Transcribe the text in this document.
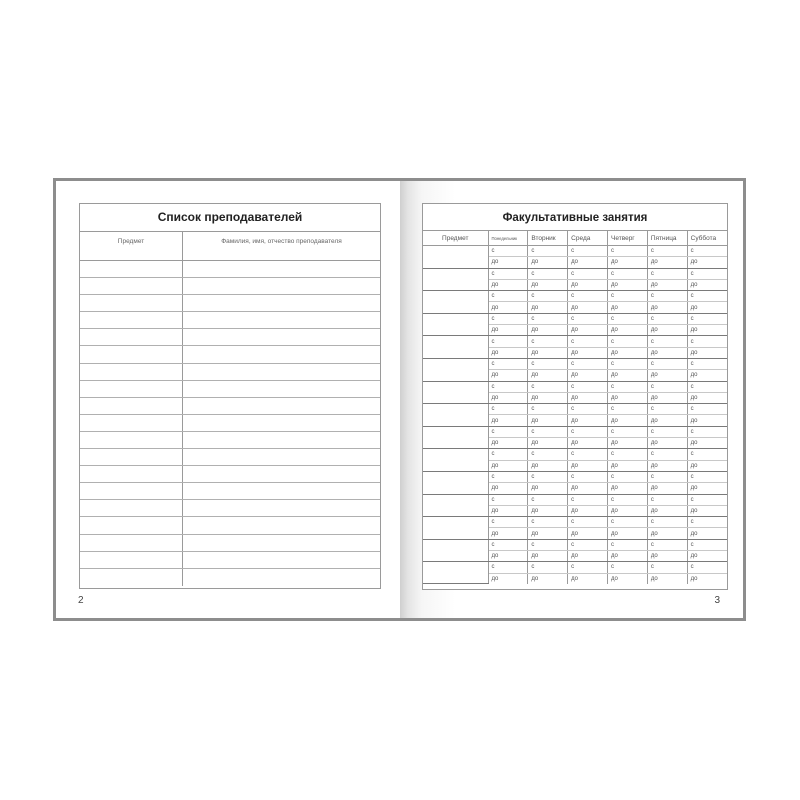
Список преподавателей
Предмет	Фамилия, имя, отчество преподавателя
2
Факультативные занятия
Предмет	Понедельник	Вторник	Среда	Четверг	Пятница	Суббота
	с	с	с	с	с	с
	до	до	до	до	до	до
	с	с	с	с	с	с
	до	до	до	до	до	до
	с	с	с	с	с	с
	до	до	до	до	до	до
	с	с	с	с	с	с
	до	до	до	до	до	до
	с	с	с	с	с	с
	до	до	до	до	до	до
	с	с	с	с	с	с
	до	до	до	до	до	до
	с	с	с	с	с	с
	до	до	до	до	до	до
	с	с	с	с	с	с
	до	до	до	до	до	до
	с	с	с	с	с	с
	до	до	до	до	до	до
	с	с	с	с	с	с
	до	до	до	до	до	до
	с	с	с	с	с	с
	до	до	до	до	до	до
	с	с	с	с	с	с
	до	до	до	до	до	до
	с	с	с	с	с	с
	до	до	до	до	до	до
	с	с	с	с	с	с
	до	до	до	до	до	до
	с	с	с	с	с	с
	до	до	до	до	до	до
3
